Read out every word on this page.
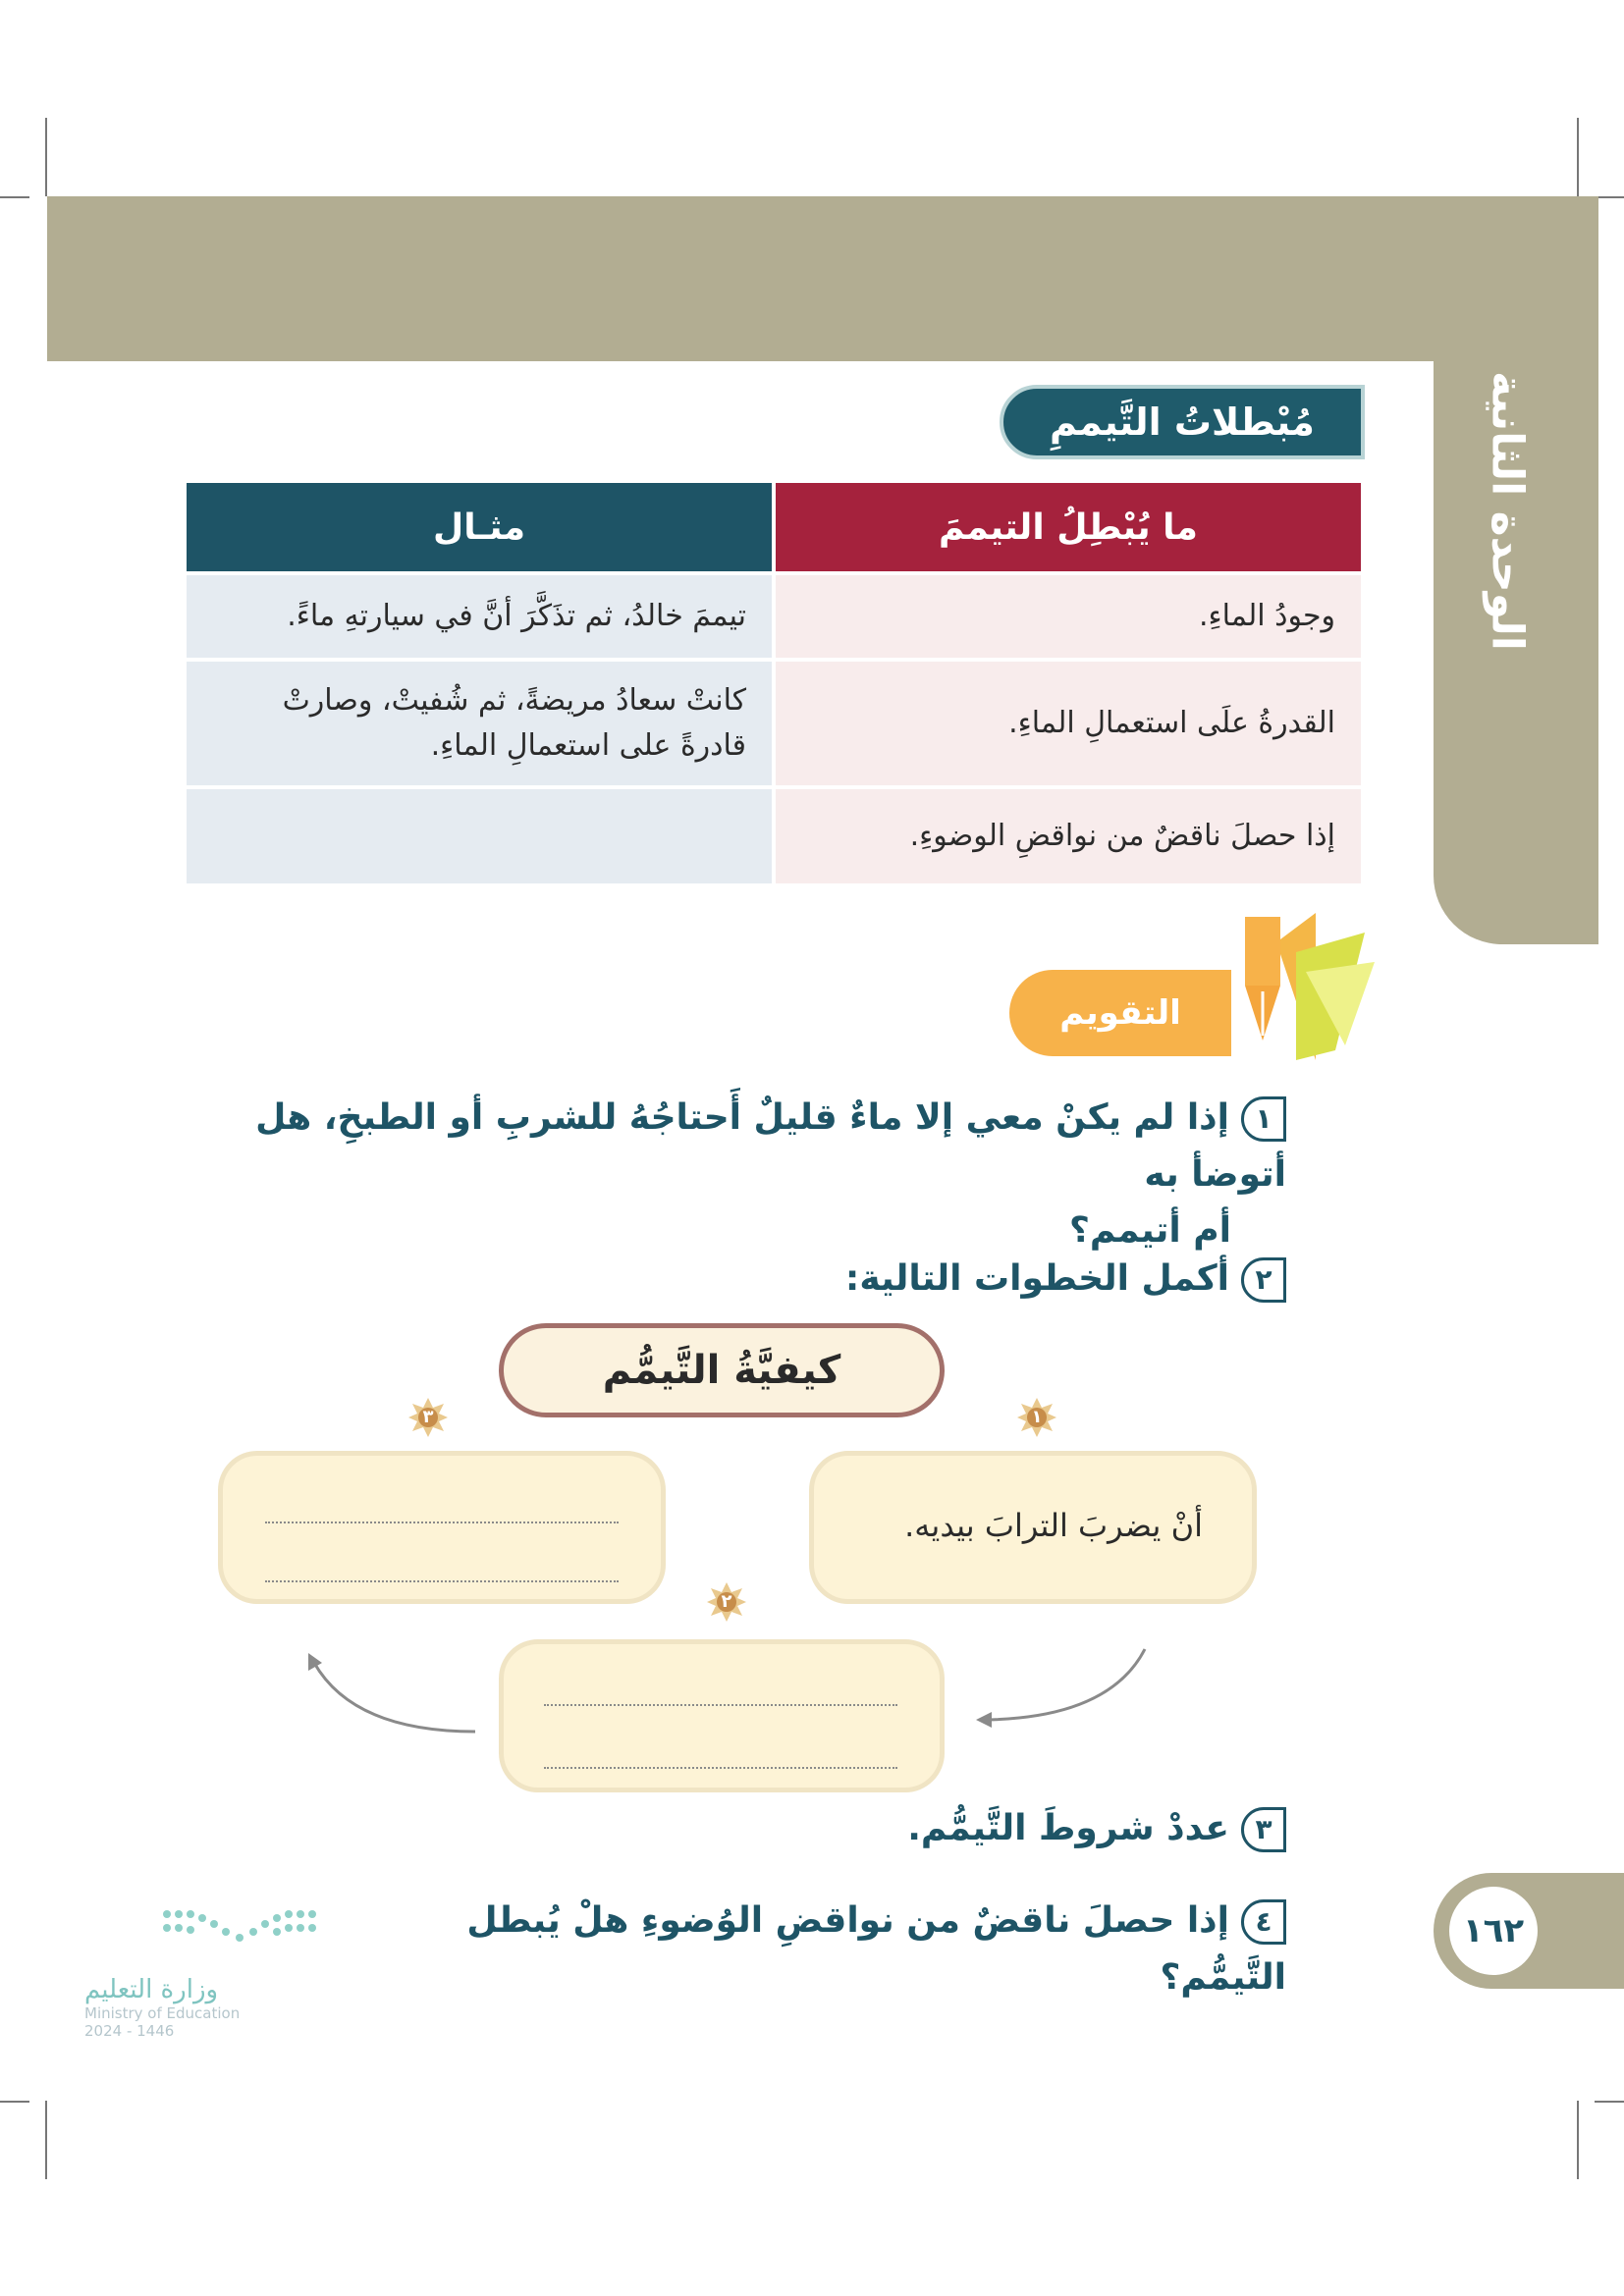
الوحدة الثانية
مُبْطلاتُ التَّيممِ
ما يُبْطِلُ التيممَ	مثـال
وجودُ الماءِ.	تيممَ خالدُ، ثم تذَكَّرَ أنَّ في سيارتهِ ماءً.
القدرةُ علَى استعمالِ الماءِ.	كانتْ سعادُ مريضةً، ثم شُفيتْ، وصارتْ
قادرةً على استعمالِ الماءِ.

إذا حصلَ ناقضٌ من نواقضِ الوضوءِ.	
التقويم
١إذا لم يكنْ معي إلا ماءٌ قليلٌ أَحتاجُهُ للشربِ أو الطبخِ، هل أتوضأ به
أم أتيمم؟
٢أكمل الخطوات التالية:
كيفيَّةُ التَّيمُّم
أنْ يضربَ الترابَ بيديه.
١
٣
٢
٣عددْ شروطَ التَّيمُّم.
٤إذا حصلَ ناقضٌ من نواقضِ الوُضوءِ هلْ يُبطل التَّيمُّم؟
١٦٢
وزارة التعليم
Ministry of Education
2024 - 1446
